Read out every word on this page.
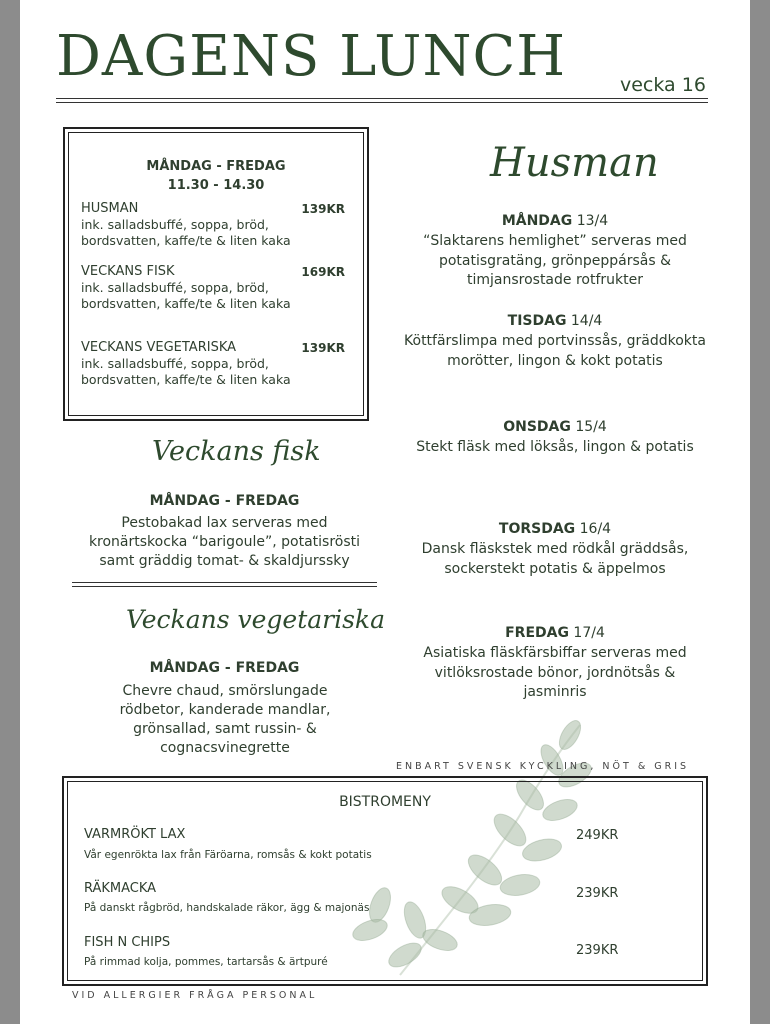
DAGENS LUNCH	vecka 16
MÅNDAG - FREDAG
11.30 - 14.30
HUSMAN	139KR
ink. salladsbuffé, soppa, bröd, bordsvatten, kaffe/te & liten kaka
VECKANS FISK	169KR
ink. salladsbuffé, soppa, bröd, bordsvatten, kaffe/te & liten kaka
VECKANS VEGETARISKA	139KR
ink. salladsbuffé, soppa, bröd, bordsvatten, kaffe/te & liten kaka
Veckans fisk
MÅNDAG - FREDAG
Pestobakad lax serveras med kronärtskocka “barigoule”, potatisrösti samt gräddig tomat- & skaldjursskу
Veckans vegetariska
MÅNDAG - FREDAG
Chevre chaud, smörslungade rödbetor, kanderade mandlar, grönsallad, samt russin- & cognacsvinegrette
Husman
MÅNDAG 13/4
“Slaktarens hemlighet” serveras med potatisgratäng, grönpeppársås & timjansrostade rotfrukter
TISDAG 14/4
Köttfärslimpa med portvinssås, gräddkokta morötter, lingon & kokt potatis
ONSDAG 15/4
Stekt fläsk med löksås, lingon & potatis
TORSDAG 16/4
Dansk fläskstek med rödkål gräddsås, sockerstekt potatis & äppelmos
FREDAG 17/4
Asiatiska fläskfärsbiffar serveras med vitlöksrostade bönor, jordnötsås & jasminris
ENBART SVENSK KYCKLING, NÖT & GRIS
BISTROMENY
VARMRÖKT LAX
Vår egenrökta lax från Färöarna, romsås & kokt potatis
249KR
RÄKMACKA
På danskt rågbröd, handskalade räkor, ägg & majonäs
239KR
FISH N CHIPS
På rimmad kolja, pommes, tartarsås & ärtpuré
239KR
VID ALLERGIER FRÅGA PERSONAL
